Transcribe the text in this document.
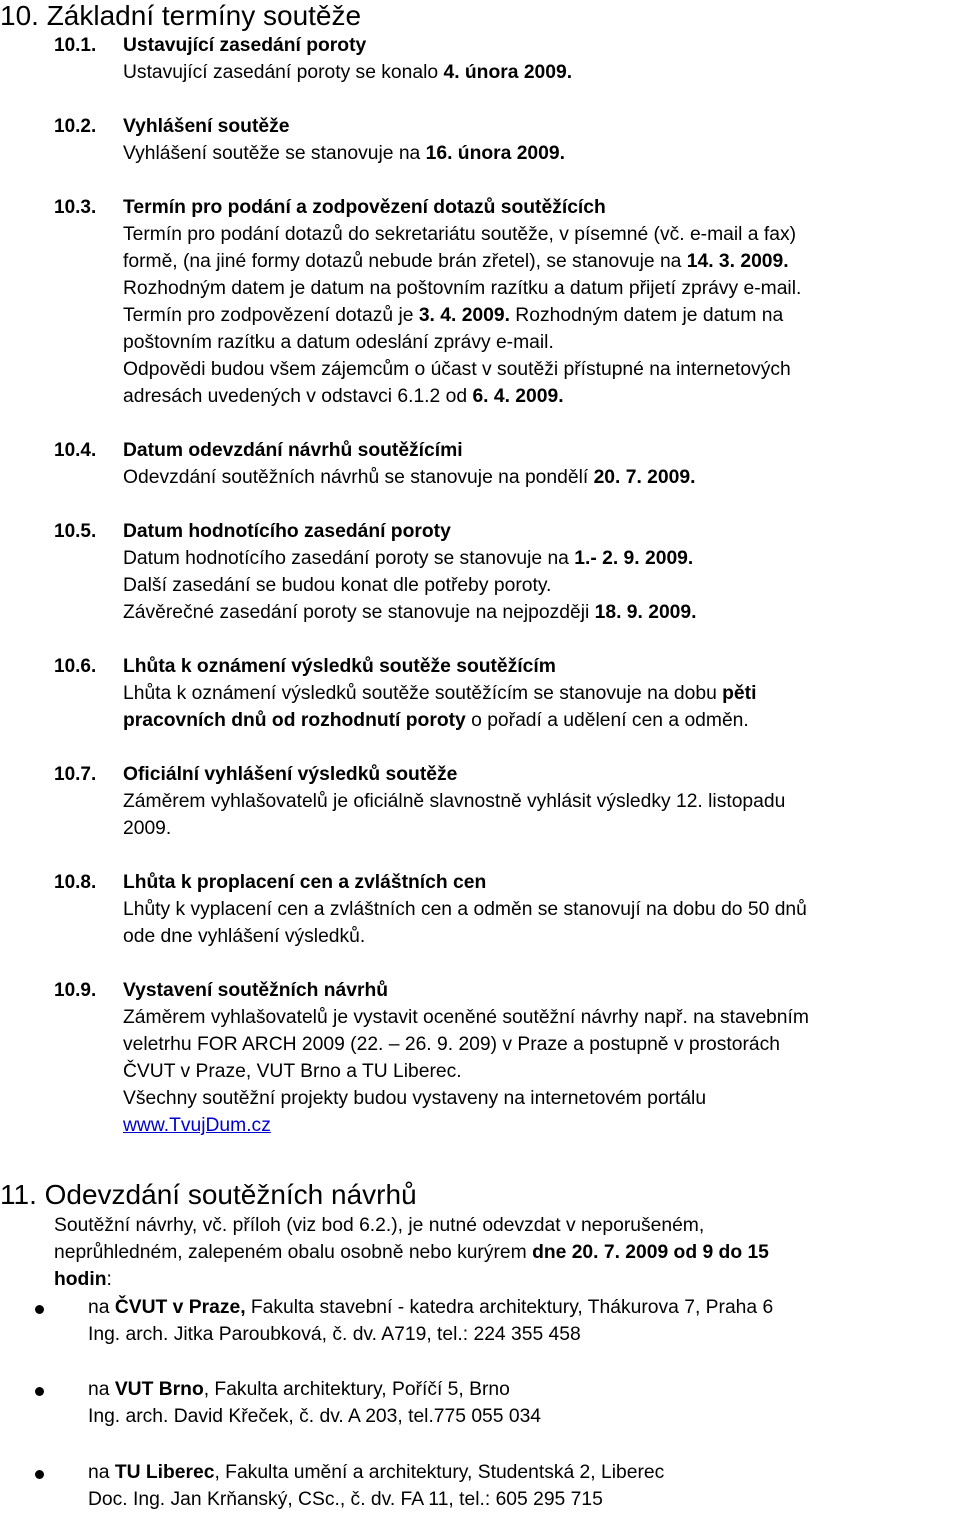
10. Základní termíny soutěže
10.1. Ustavující zasedání poroty
Ustavující zasedání poroty se konalo 4. února 2009.
10.2. Vyhlášení soutěže
Vyhlášení soutěže se stanovuje na 16. února 2009.
10.3. Termín pro podání a zodpovězení dotazů soutěžících
Termín pro podání dotazů do sekretariátu soutěže, v písemné (vč. e-mail a fax)
formě, (na jiné formy dotazů nebude brán zřetel), se stanovuje na 14. 3. 2009.
Rozhodným datem je datum na poštovním razítku a datum přijetí zprávy e-mail.
Termín pro zodpovězení dotazů je 3. 4. 2009. Rozhodným datem je datum na
poštovním razítku a datum odeslání zprávy e-mail.
Odpovědi budou všem zájemcům o účast v soutěži přístupné na internetových
adresách uvedených v odstavci 6.1.2 od 6. 4. 2009.
10.4. Datum odevzdání návrhů soutěžícími
Odevzdání soutěžních návrhů se stanovuje na pondělí 20. 7. 2009.
10.5. Datum hodnotícího zasedání poroty
Datum hodnotícího zasedání poroty se stanovuje na 1.- 2. 9. 2009.
Další zasedání se budou konat dle potřeby poroty.
Závěrečné zasedání poroty se stanovuje na nejpozději 18. 9. 2009.
10.6. Lhůta k oznámení výsledků soutěže soutěžícím
Lhůta k oznámení výsledků soutěže soutěžícím se stanovuje na dobu pěti
pracovních dnů od rozhodnutí poroty o pořadí a udělení cen a odměn.
10.7. Oficiální vyhlášení výsledků soutěže
Záměrem vyhlašovatelů je oficiálně slavnostně vyhlásit výsledky 12. listopadu
2009.
10.8. Lhůta k proplacení cen a zvláštních cen
Lhůty k vyplacení cen a zvláštních cen a odměn se stanovují na dobu do 50 dnů
ode dne vyhlášení výsledků.
10.9. Vystavení soutěžních návrhů
Záměrem vyhlašovatelů je vystavit oceněné soutěžní návrhy např. na stavebním
veletrhu FOR ARCH 2009 (22. – 26. 9. 209) v Praze a postupně v prostorách
ČVUT v Praze, VUT Brno a TU Liberec.
Všechny soutěžní projekty budou vystaveny na internetovém portálu
www.TvujDum.cz
11. Odevzdání soutěžních návrhů
Soutěžní návrhy, vč. příloh (viz bod 6.2.), je nutné odevzdat v neporušeném,
neprůhledném, zalepeném obalu osobně nebo kurýrem dne 20. 7. 2009 od 9 do 15
hodin:
na ČVUT v Praze, Fakulta stavební - katedra architektury, Thákurova 7, Praha 6
Ing. arch. Jitka Paroubková, č. dv. A719, tel.: 224 355 458
na VUT Brno, Fakulta architektury, Poříčí 5, Brno
Ing. arch. David Křeček, č. dv. A 203, tel.775 055 034
na TU Liberec, Fakulta umění a architektury, Studentská 2, Liberec
Doc. Ing. Jan Krňanský, CSc., č. dv. FA 11, tel.: 605 295 715
